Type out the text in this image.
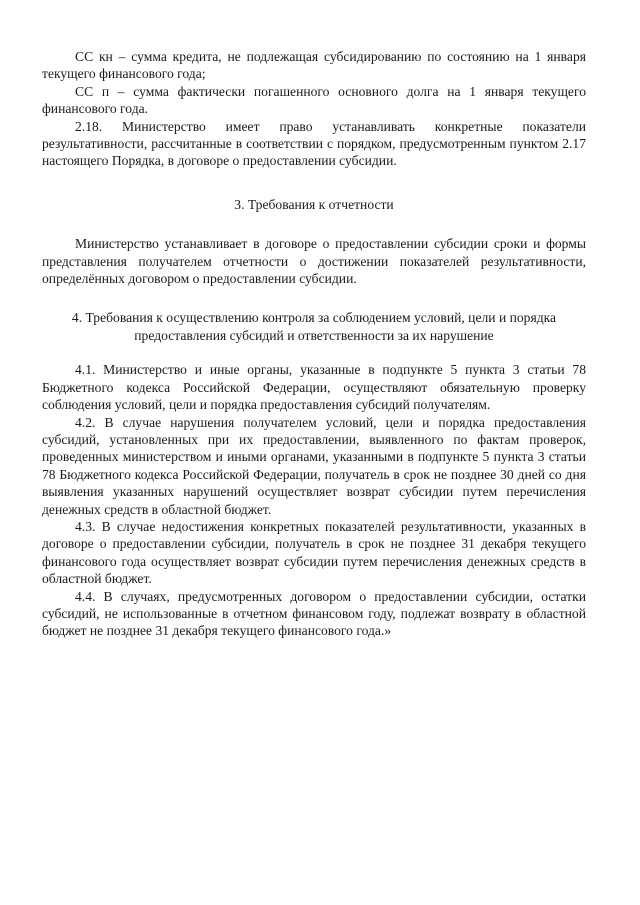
СС кн – сумма кредита, не подлежащая субсидированию по состоянию на 1 января текущего финансового года;

СС п – сумма фактически погашенного основного долга на 1 января текущего финансового года.

2.18. Министерство имеет право устанавливать конкретные показатели результативности, рассчитанные в соответствии с порядком, предусмотренным пунктом 2.17 настоящего Порядка, в договоре о предоставлении субсидии.

3. Требования к отчетности

Министерство устанавливает в договоре о предоставлении субсидии сроки и формы представления получателем отчетности о достижении показателей результативности, определённых договором о предоставлении субсидии.

4. Требования к осуществлению контроля за соблюдением условий, цели и порядка
предоставления субсидий и ответственности за их нарушение

4.1. Министерство и иные органы, указанные в подпункте 5 пункта 3 статьи 78 Бюджетного кодекса Российской Федерации, осуществляют обязательную проверку соблюдения условий, цели и порядка предоставления субсидий получателям.

4.2. В случае нарушения получателем условий, цели и порядка предоставления субсидий, установленных при их предоставлении, выявленного по фактам проверок, проведенных министерством и иными органами, указанными в подпункте 5 пункта 3 статьи 78 Бюджетного кодекса Российской Федерации, получатель в срок не позднее 30 дней со дня выявления указанных нарушений осуществляет возврат субсидии путем перечисления денежных средств в областной бюджет.

4.3. В случае недостижения конкретных показателей результативности, указанных в договоре о предоставлении субсидии, получатель в срок не позднее 31 декабря текущего финансового года осуществляет возврат субсидии путем перечисления денежных средств в областной бюджет.

4.4. В случаях, предусмотренных договором о предоставлении субсидии, остатки субсидий, не использованные в отчетном финансовом году, подлежат возврату в областной бюджет не позднее 31 декабря текущего финансового года.»
